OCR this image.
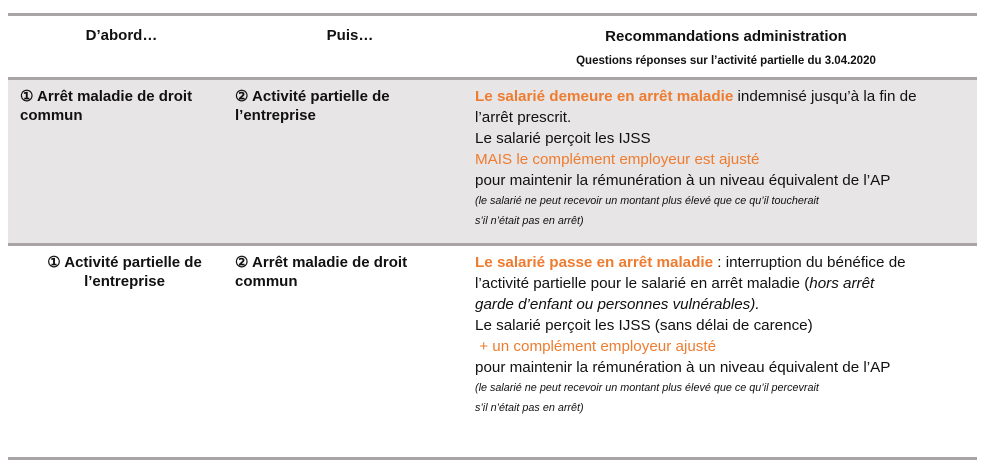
D’abord…	Puis…	Recommandations administration
Questions réponses sur l’activité partielle du 3.04.2020
① Arrêt maladie de droit
commun
② Activité partielle de
l’entreprise
Le salarié demeure en arrêt maladie indemnisé jusqu’à la fin de
l’arrêt prescrit.
Le salarié perçoit les IJSS
MAIS le complément employeur est ajusté
pour maintenir la rémunération à un niveau équivalent de l’AP
(le salarié ne peut recevoir un montant plus élevé que ce qu’il toucherait
s’il n’était pas en arrêt)
① Activité partielle de
l’entreprise
② Arrêt maladie de droit
commun
Le salarié passe en arrêt maladie : interruption du bénéfice de
l’activité partielle pour le salarié en arrêt maladie (hors arrêt
garde d’enfant ou personnes vulnérables).
Le salarié perçoit les IJSS (sans délai de carence)
+ un complément employeur ajusté
pour maintenir la rémunération à un niveau équivalent de l’AP
(le salarié ne peut recevoir un montant plus élevé que ce qu’il percevrait
s’il n’était pas en arrêt)
